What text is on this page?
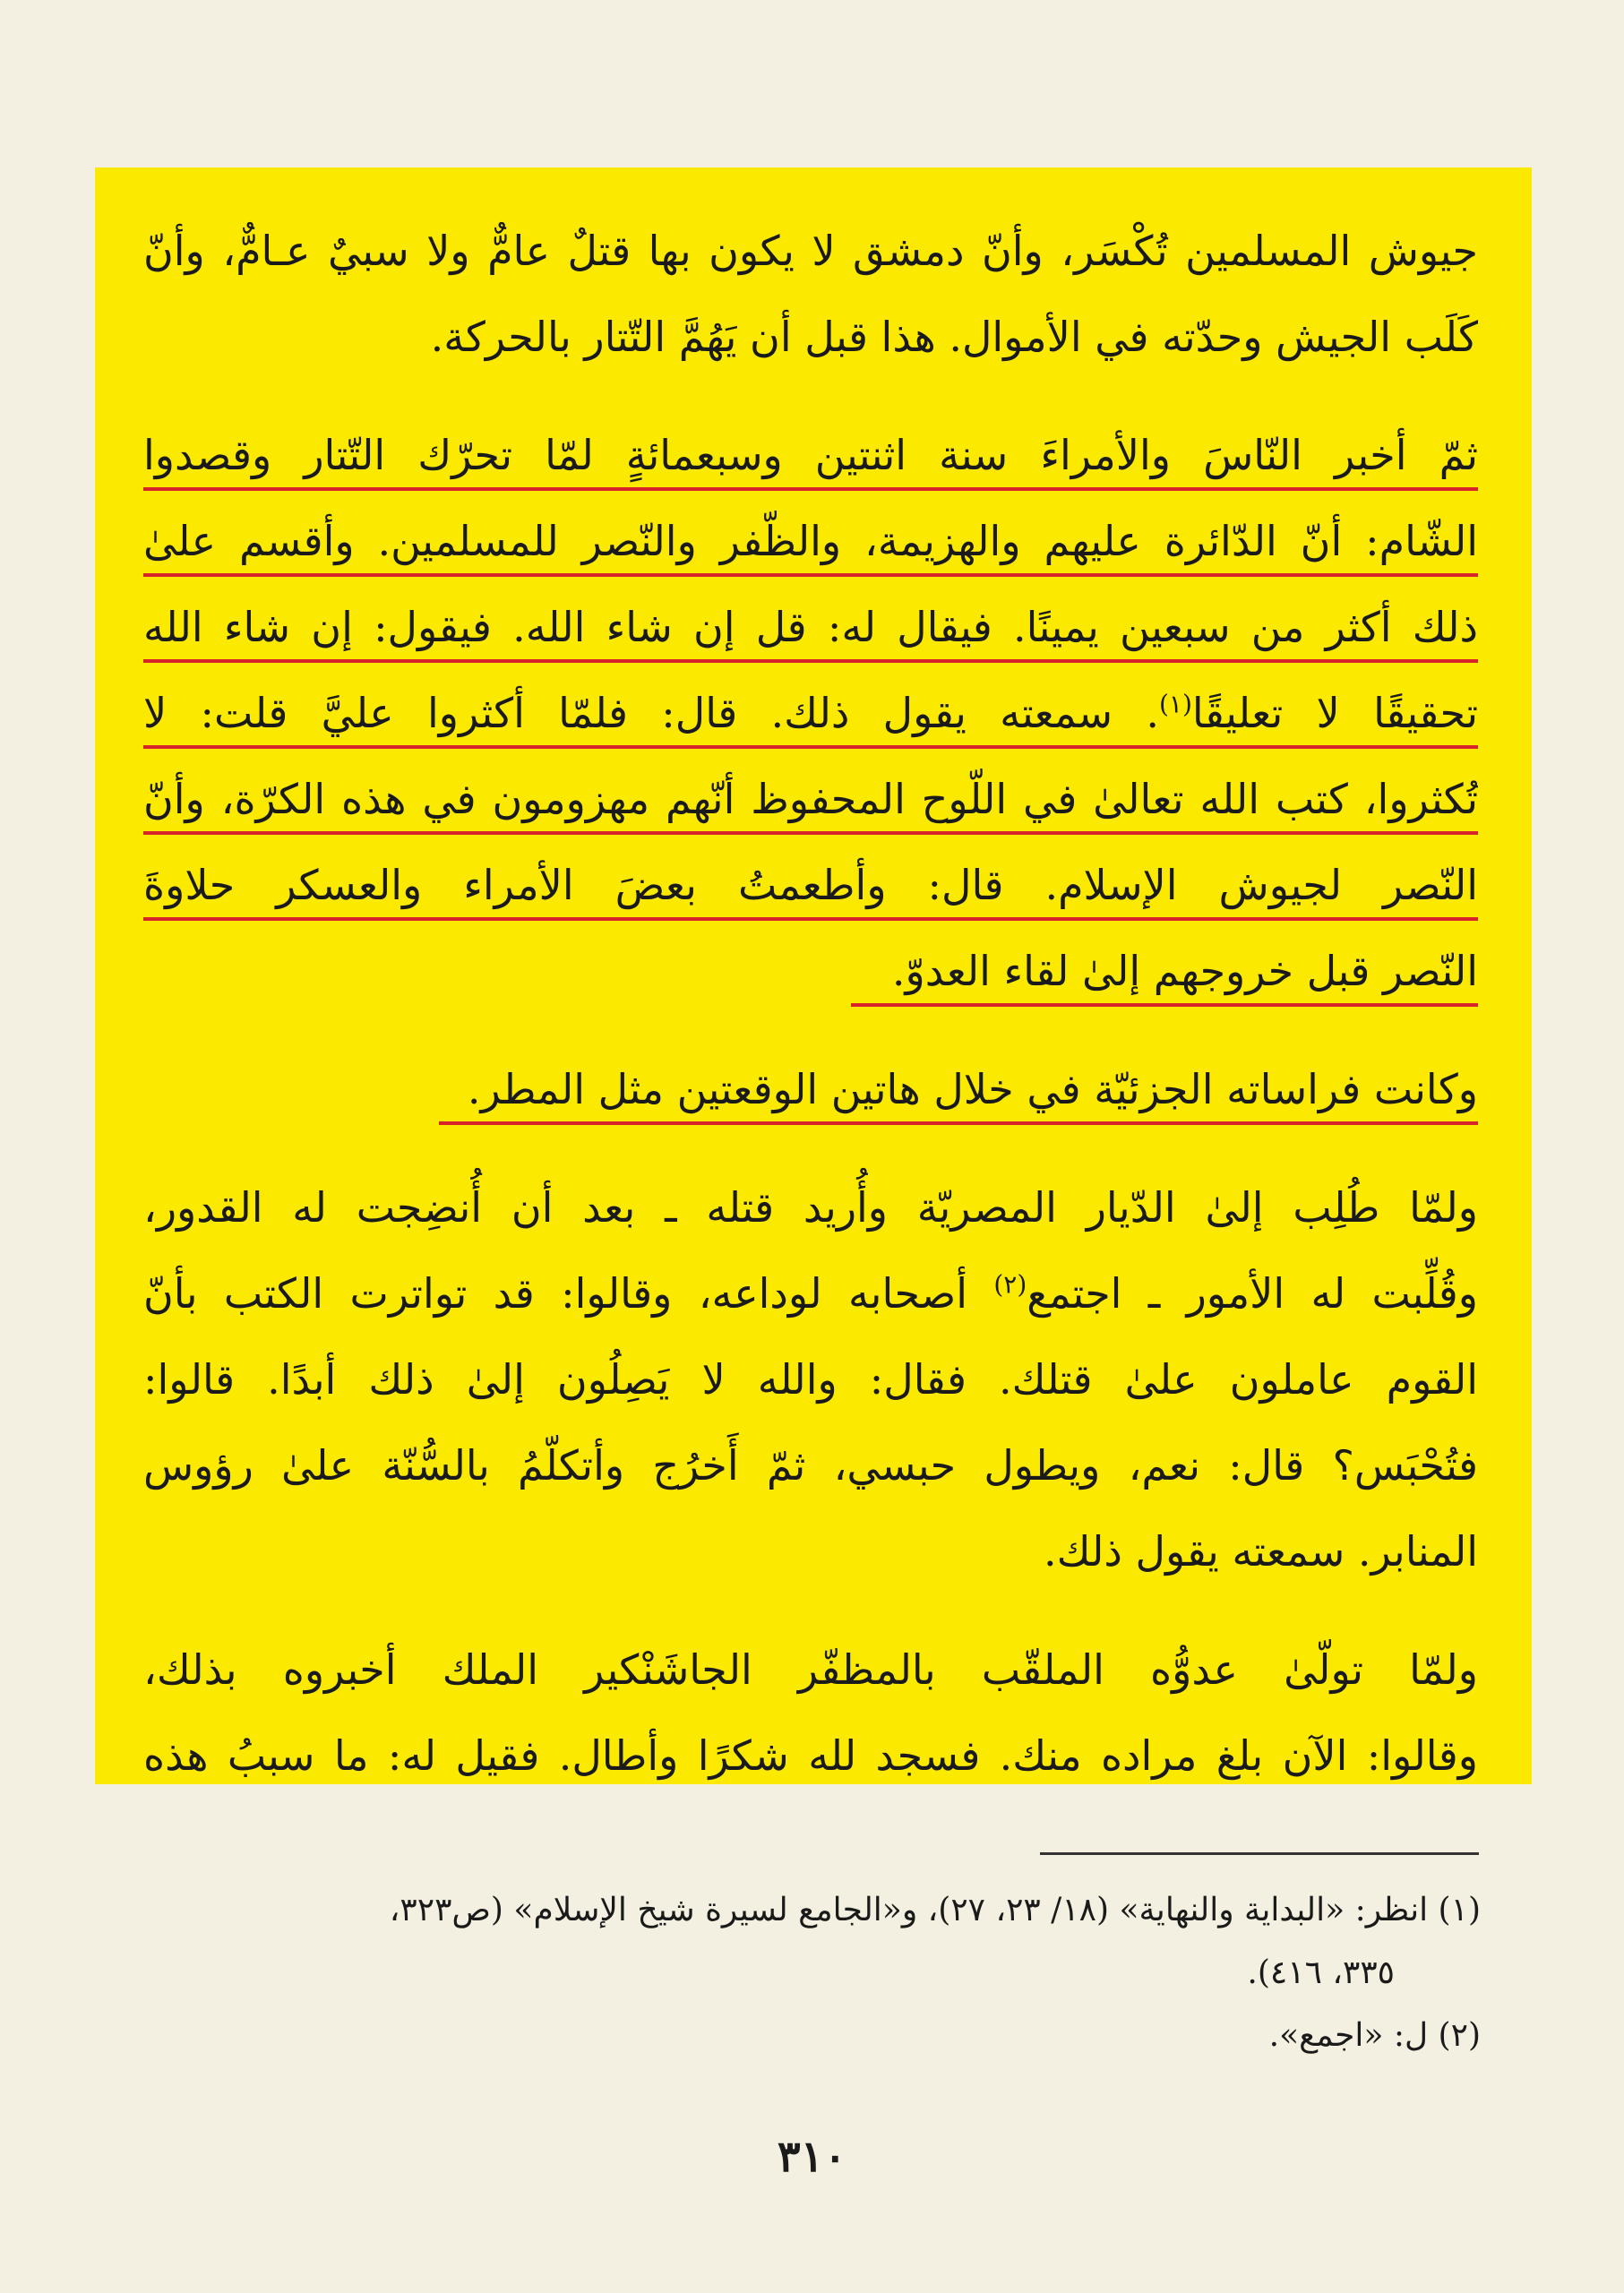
جيوش المسلمين تُكْسَر، وأنّ دمشق لا يكون بها قتلٌ عامٌّ ولا سبيٌ عـامٌّ، وأنّ
كَلَب الجيش وحدّته في الأموال. هذا قبل أن يَهُمَّ التّتار بالحركة.

ثمّ أخبر النّاسَ والأمراءَ سنة اثنتين وسبعمائةٍ لمّا تحرّك التّتار وقصدوا
الشّام: أنّ الدّائرة عليهم والهزيمة، والظّفر والنّصر للمسلمين. وأقسم علىٰ
ذلك أكثر من سبعين يمينًا. فيقال له: قل إن شاء الله. فيقول: إن شاء الله
تحقيقًا لا تعليقًا$^{(١)}$. سمعته يقول ذلك. قال: فلمّا أكثروا عليَّ قلت: لا
تُكثروا، كتب الله تعالىٰ في اللّوح المحفوظ أنّهم مهزومون في هذه الكرّة، وأنّ
النّصر لجيوش الإسلام. قال: وأطعمتُ بعضَ الأمراء والعسكر حلاوةَ
النّصر قبل خروجهم إلىٰ لقاء العدوّ.

وكانت فراساته الجزئيّة في خلال هاتين الوقعتين مثل المطر.

ولمّا طُلِب إلىٰ الدّيار المصريّة وأُريد قتله ـ بعد أن أُنضِجت له القدور،
وقُلِّبت له الأمور ـ اجتمع$^{(٢)}$ أصحابه لوداعه، وقالوا: قد تواترت الكتب بأنّ
القوم عاملون علىٰ قتلك. فقال: والله لا يَصِلُون إلىٰ ذلك أبدًا. قالوا:
فتُحْبَس؟ قال: نعم، ويطول حبسي، ثمّ أَخرُج وأتكلّمُ بالسُّنّة علىٰ رؤوس
المنابر. سمعته يقول ذلك.

ولمّا تولّىٰ عدوُّه الملقّب بالمظفّر الجاشَنْكير الملك أخبروه بذلك،
وقالوا: الآن بلغ مراده منك. فسجد لله شكرًا وأطال. فقيل له: ما سببُ هذه

(١) انظر: «البداية والنهاية» (١٨/ ٢٣، ٢٧)، و«الجامع لسيرة شيخ الإسلام» (ص٣٢٣،
٣٣٥، ٤١٦).
(٢) ل: «اجمع».
٣١٠
